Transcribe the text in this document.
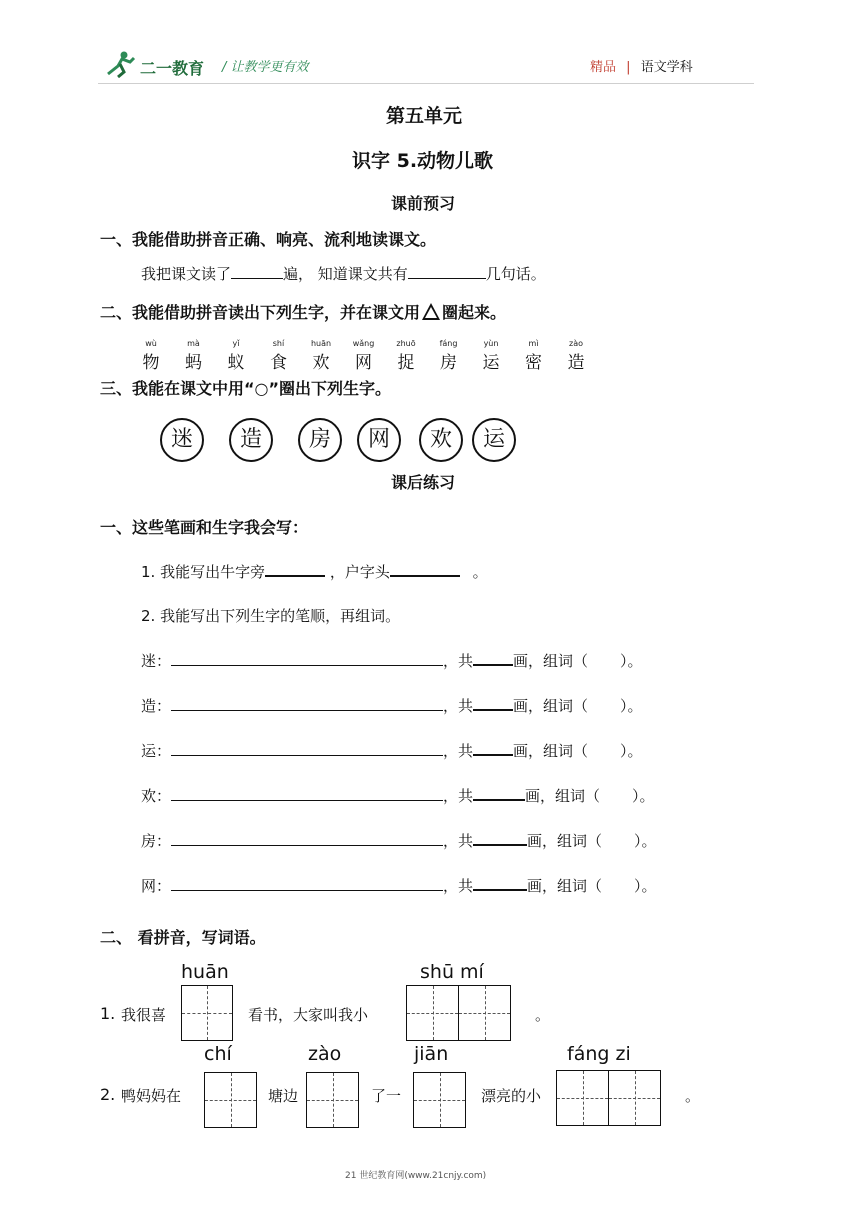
二一教育 / 让教学更有效	精品 | 语文学科
第五单元
识字 5.动物儿歌
课前预习
一、我能借助拼音正确、响亮、流利地读课文。
我把课文读了	遍， 知道课文共有	几句话。
二、我能借助拼音读出下列生字，并在课文用 圈起来。
wù
物
mà
蚂
yǐ
蚁
shí
食
huān
欢
wǎng
网
zhuō
捉
fáng
房
yùn
运
mì
密
zào
造
三、我能在课文中用“○”圈出下列生字。
迷	造	房	网	欢	运
课后练习
一、这些笔画和生字我会写：
1. 我能写出牛字旁	，户字头	。
2. 我能写出下列生字的笔顺，再组词。
迷：	，共	画，组词（ ）。
造：	，共	画，组词（ ）。
运：	，共	画，组词（ ）。
欢：	，共	画，组词（ ）。
房：	，共	画，组词（ ）。
网：	，共	画，组词（ ）。
二、 看拼音，写词语。
huān	shū mí
1. 我很喜	看书，大家叫我小	。
chí	zào	jiān	fáng zi
2. 鸭妈妈在	塘边	了一	漂亮的小	。
21 世纪教育网(www.21cnjy.com)
